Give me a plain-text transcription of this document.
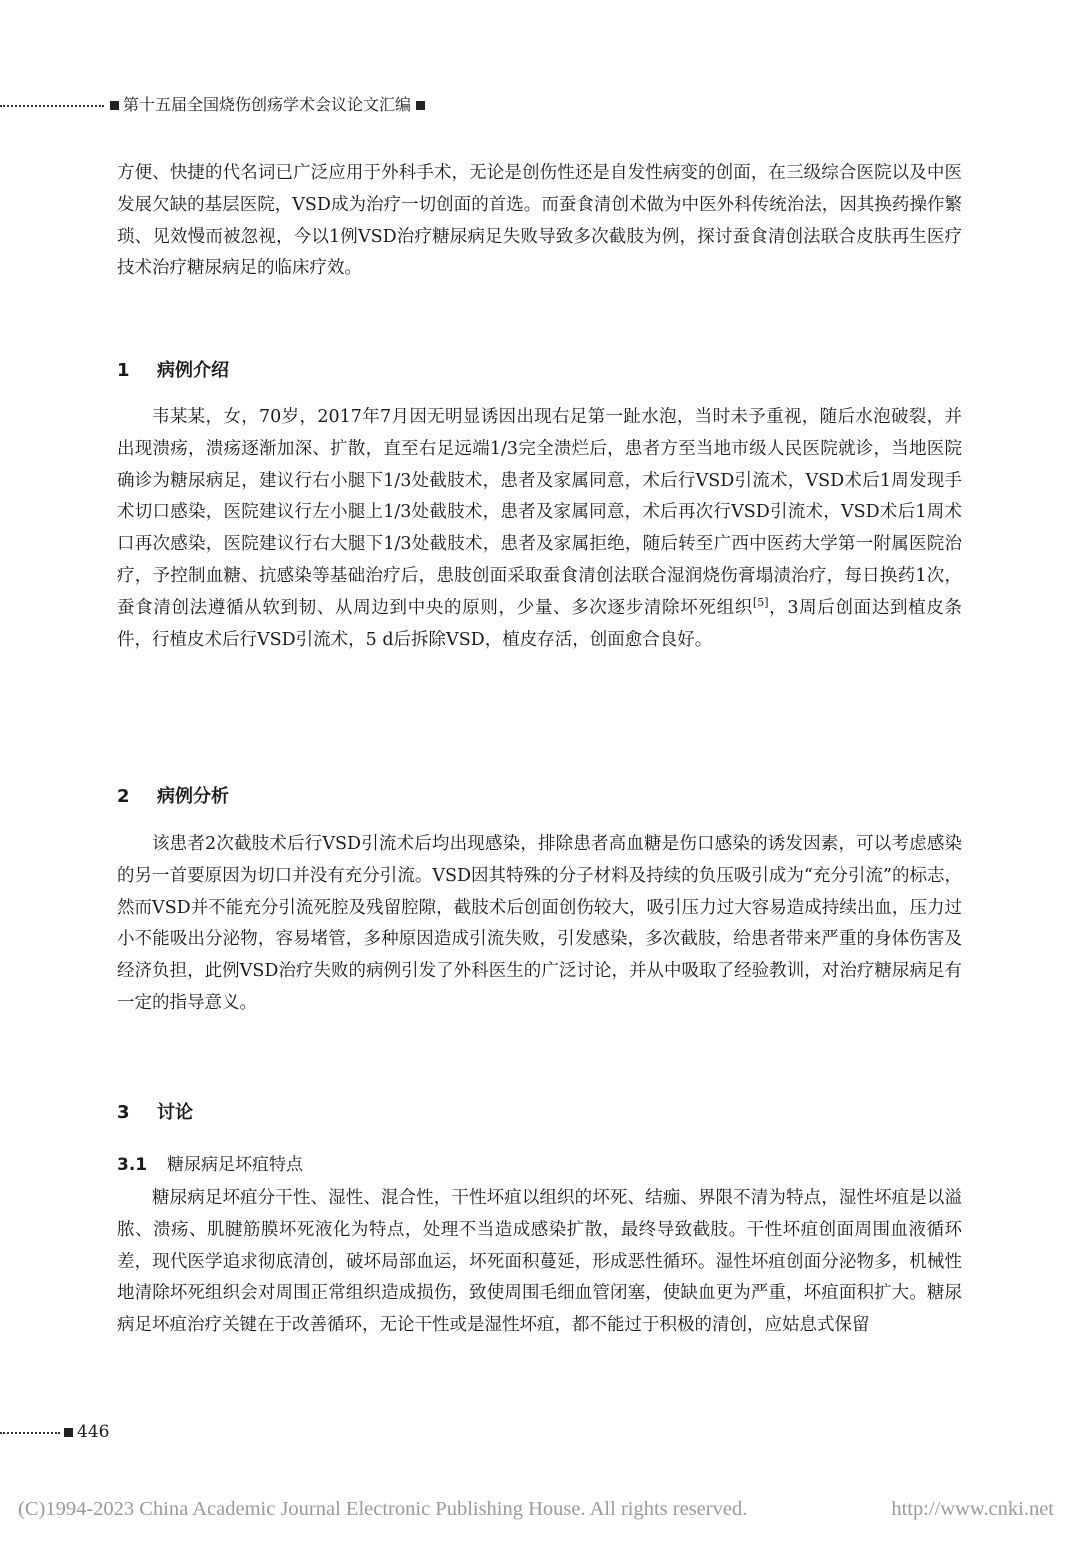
第十五届全国烧伤创疡学术会议论文汇编
方便、快捷的代名词已广泛应用于外科手术，无论是创伤性还是自发性病变的创面，在三级综合医院以及中医发展欠缺的基层医院，VSD成为治疗一切创面的首选。而蚕食清创术做为中医外科传统治法，因其换药操作繁琐、见效慢而被忽视，今以1例VSD治疗糖尿病足失败导致多次截肢为例，探讨蚕食清创法联合皮肤再生医疗技术治疗糖尿病足的临床疗效。
1 病例介绍
韦某某，女，70岁，2017年7月因无明显诱因出现右足第一趾水泡，当时未予重视，随后水泡破裂，并出现溃疡，溃疡逐渐加深、扩散，直至右足远端1/3完全溃烂后，患者方至当地市级人民医院就诊，当地医院确诊为糖尿病足，建议行右小腿下1/3处截肢术，患者及家属同意，术后行VSD引流术，VSD术后1周发现手术切口感染，医院建议行左小腿上1/3处截肢术，患者及家属同意，术后再次行VSD引流术，VSD术后1周术口再次感染，医院建议行右大腿下1/3处截肢术，患者及家属拒绝，随后转至广西中医药大学第一附属医院治疗，予控制血糖、抗感染等基础治疗后，患肢创面采取蚕食清创法联合湿润烧伤膏塌渍治疗，每日换药1次，蚕食清创法遵循从软到韧、从周边到中央的原则，少量、多次逐步清除坏死组织[5]，3周后创面达到植皮条件，行植皮术后行VSD引流术，5 d后拆除VSD，植皮存活，创面愈合良好。
2 病例分析
该患者2次截肢术后行VSD引流术后均出现感染，排除患者高血糖是伤口感染的诱发因素，可以考虑感染的另一首要原因为切口并没有充分引流。VSD因其特殊的分子材料及持续的负压吸引成为“充分引流”的标志，然而VSD并不能充分引流死腔及残留腔隙，截肢术后创面创伤较大，吸引压力过大容易造成持续出血，压力过小不能吸出分泌物，容易堵管，多种原因造成引流失败，引发感染，多次截肢，给患者带来严重的身体伤害及经济负担，此例VSD治疗失败的病例引发了外科医生的广泛讨论，并从中吸取了经验教训，对治疗糖尿病足有一定的指导意义。
3 讨论
3.1 糖尿病足坏疽特点
糖尿病足坏疽分干性、湿性、混合性，干性坏疽以组织的坏死、结痂、界限不清为特点，湿性坏疽是以溢脓、溃疡、肌腱筋膜坏死液化为特点，处理不当造成感染扩散，最终导致截肢。干性坏疽创面周围血液循环差，现代医学追求彻底清创，破坏局部血运，坏死面积蔓延，形成恶性循环。湿性坏疽创面分泌物多，机械性地清除坏死组织会对周围正常组织造成损伤，致使周围毛细血管闭塞，使缺血更为严重，坏疽面积扩大。糖尿病足坏疽治疗关键在于改善循环，无论干性或是湿性坏疽，都不能过于积极的清创，应姑息式保留
446
(C)1994-2023 China Academic Journal Electronic Publishing House. All rights reserved.	http://www.cnki.net
